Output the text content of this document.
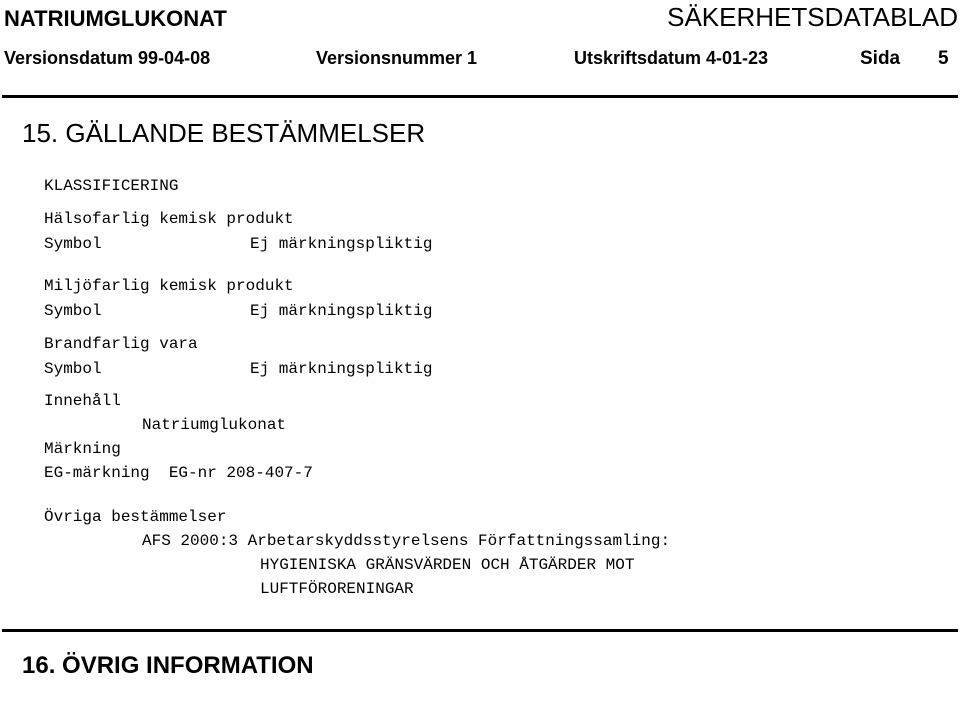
NATRIUMGLUKONAT	SÄKERHETSDATABLAD
Versionsdatum 99-04-08	Versionsnummer 1	Utskriftsdatum 4-01-23	Sida 5
15. GÄLLANDE BESTÄMMELSER
KLASSIFICERING
Hälsofarlig kemisk produkt
Symbol	Ej märkningspliktig
Miljöfarlig kemisk produkt
Symbol	Ej märkningspliktig
Brandfarlig vara
Symbol	Ej märkningspliktig
Innehåll
Natriumglukonat
Märkning
EG-märkning  EG-nr 208-407-7
Övriga bestämmelser
AFS 2000:3 Arbetarskyddsstyrelsens Författningssamling:
HYGIENISKA GRÄNSVÄRDEN OCH ÅTGÄRDER MOT
LUFTFÖRORENINGAR
16. ÖVRIG INFORMATION
